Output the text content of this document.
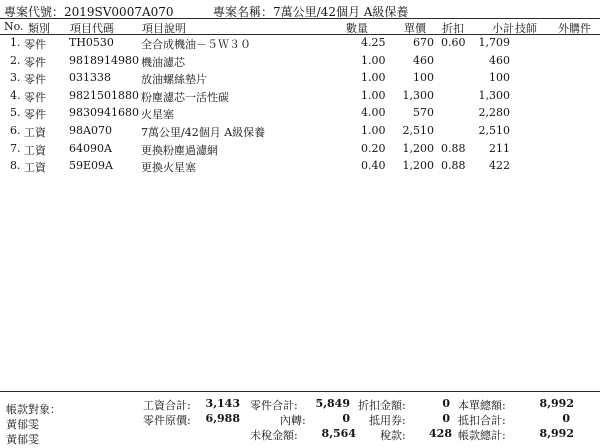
專案代號：2019SV0007A070	專案名稱：7萬公里/42個月 A級保養
No. 類別 項目代碼	項目說明	數量	單價 折扣	小計 技師 外購件
1. 零件 TH0530 全合成機油－５Ｗ３０	4.25	670 0.60 1,709
2. 零件 9818914980 機油濾芯	1.00	460	460
3. 零件 031338	放油螺絲墊片	1.00	100	100
4. 零件 9821501880 粉塵濾芯一活性碳	1.00 1,300	1,300
5. 零件 9830941680 火星塞	4.00	570	2,280
6. 工資 98A070	7萬公里/42個月 A級保養	1.00 2,510	2,510
7. 工資 64090A	更換粉塵過濾網	0.20 1,200 0.88 211
8. 工資 59E09A	更換火星塞	0.40 1,200 0.88 422
帳款對象：
黃郁雯
黃郁雯
工資合計: 3,143
零件原價: 6,988
零件合計: 5,849
內轉:	0
未稅金額: 8,564
折扣金額:	0
抵用券:	0
稅款: 428
本單總額:	8,992
抵扣合計:	0
帳款總計:	8,992
